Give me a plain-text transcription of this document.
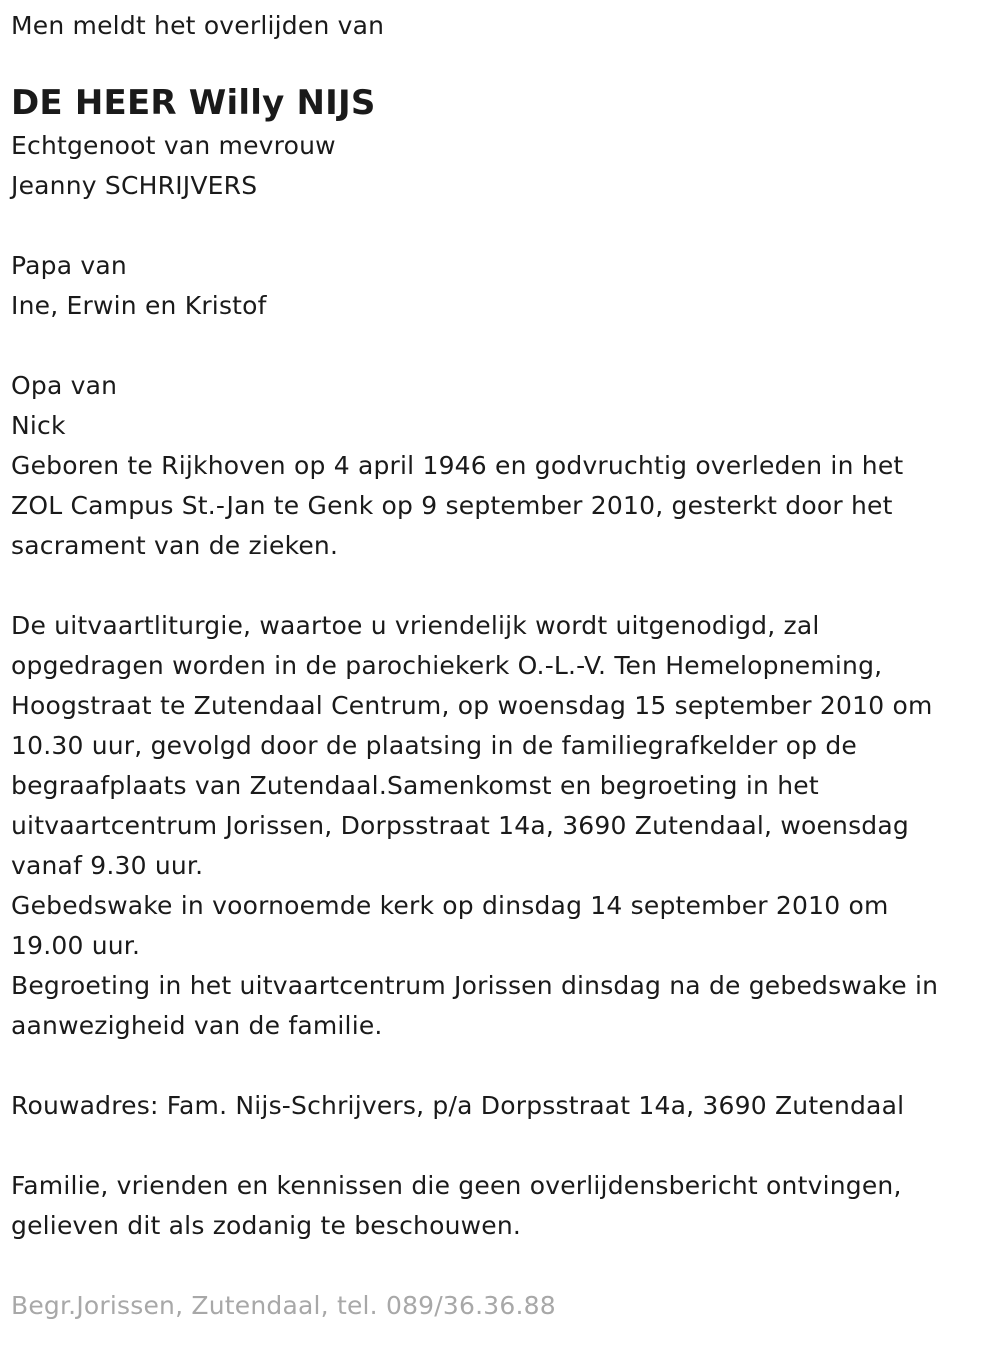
Men meldt het overlijden van
DE HEER Willy NIJS
Echtgenoot van mevrouw
Jeanny SCHRIJVERS
Papa van
Ine, Erwin en Kristof
Opa van
Nick
Geboren te Rijkhoven op 4 april 1946 en godvruchtig overleden in het
ZOL Campus St.-Jan te Genk op 9 september 2010, gesterkt door het
sacrament van de zieken.
De uitvaartliturgie, waartoe u vriendelijk wordt uitgenodigd, zal
opgedragen worden in de parochiekerk O.-L.-V. Ten Hemelopneming,
Hoogstraat te Zutendaal Centrum, op woensdag 15 september 2010 om
10.30 uur, gevolgd door de plaatsing in de familiegrafkelder op de
begraafplaats van Zutendaal.Samenkomst en begroeting in het
uitvaartcentrum Jorissen, Dorpsstraat 14a, 3690 Zutendaal, woensdag
vanaf 9.30 uur.
Gebedswake in voornoemde kerk op dinsdag 14 september 2010 om
19.00 uur.
Begroeting in het uitvaartcentrum Jorissen dinsdag na de gebedswake in
aanwezigheid van de familie.
Rouwadres: Fam. Nijs-Schrijvers, p/a Dorpsstraat 14a, 3690 Zutendaal
Familie, vrienden en kennissen die geen overlijdensbericht ontvingen,
gelieven dit als zodanig te beschouwen.
Begr.Jorissen, Zutendaal, tel. 089/36.36.88
